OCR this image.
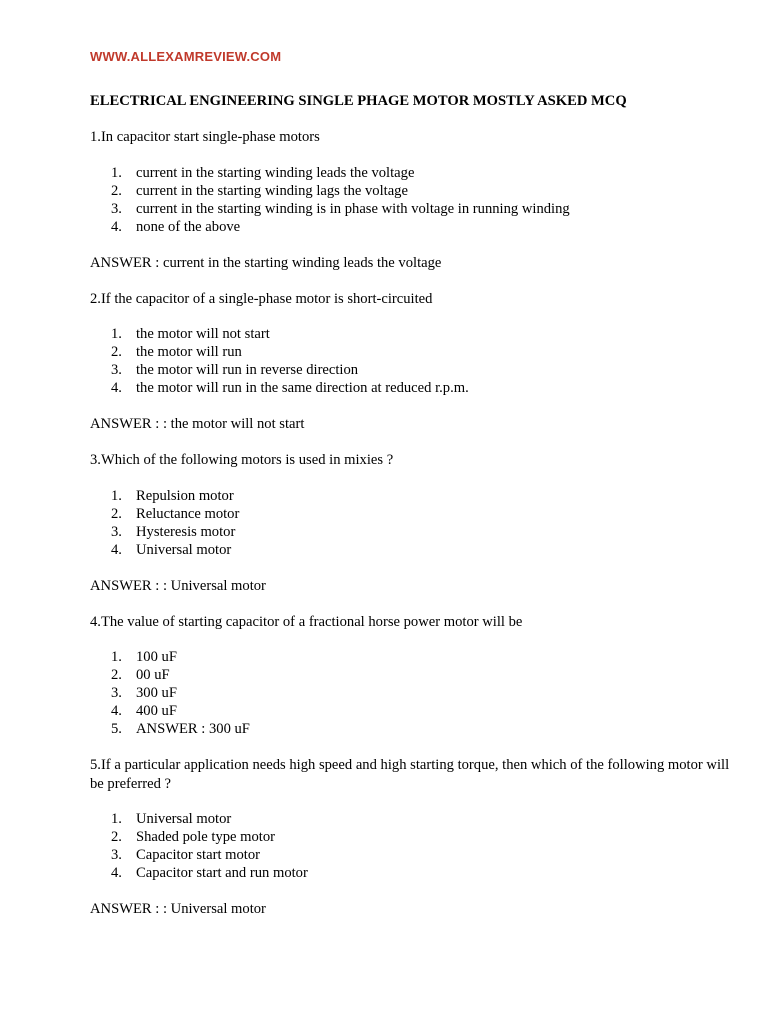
WWW.ALLEXAMREVIEW.COM

ELECTRICAL ENGINEERING SINGLE PHAGE MOTOR MOSTLY ASKED MCQ

1.In capacitor start single-phase motors

1. current in the starting winding leads the voltage
2. current in the starting winding lags the voltage
3. current in the starting winding is in phase with voltage in running winding
4. none of the above

ANSWER : current in the starting winding leads the voltage

2.If the capacitor of a single-phase motor is short-circuited

1. the motor will not start
2. the motor will run
3. the motor will run in reverse direction
4. the motor will run in the same direction at reduced r.p.m.

ANSWER : : the motor will not start

3.Which of the following motors is used in mixies ?

1. Repulsion motor
2. Reluctance motor
3. Hysteresis motor
4. Universal motor

ANSWER : : Universal motor

4.The value of starting capacitor of a fractional horse power motor will be

1. 100 uF
2. 00 uF
3. 300 uF
4. 400 uF
5. ANSWER : 300 uF

5.If a particular application needs high speed and high starting torque, then which of the following motor will be preferred ?

1. Universal motor
2. Shaded pole type motor
3. Capacitor start motor
4. Capacitor start and run motor

ANSWER : : Universal motor
